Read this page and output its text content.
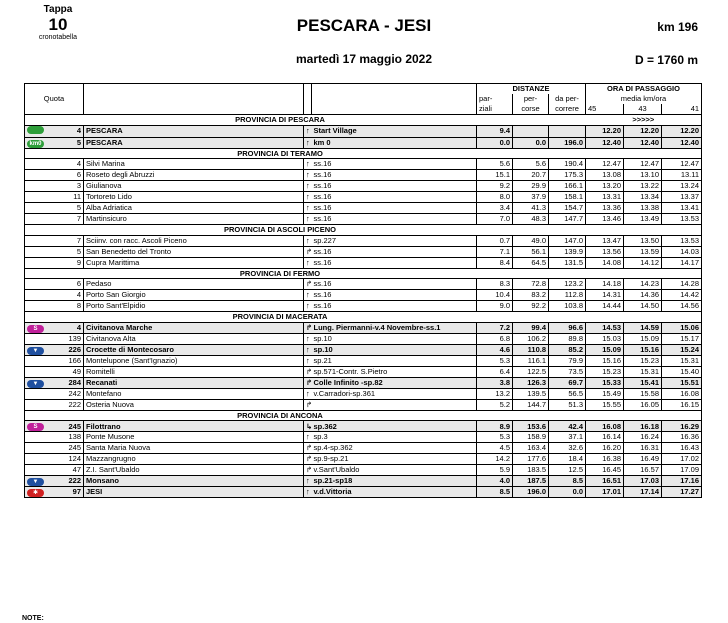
Tappa
10
cronotabella
PESCARA - JESI
martedì 17 maggio 2022
km 196
D = 1760 m
Quota					DISTANZE			ORA DI PASSAGGIO		
					par-	per-	da per-	media km/ora		
					ziali	corse	correre	45	43	41
		PROVINCIA DI PESCARA						>>>>>		
	4	PESCARA	↑	Start Village	9.4			12.20	12.20	12.20
km0	5	PESCARA	↑	km 0	0.0	0.0	196.0	12.40	12.40	12.40
		PROVINCIA DI TERAMO								
	4	Silvi Marina	↑	ss.16	5.6	5.6	190.4	12.47	12.47	12.47
	6	Roseto degli Abruzzi	↑	ss.16	15.1	20.7	175.3	13.08	13.10	13.11
	3	Giulianova	↑	ss.16	9.2	29.9	166.1	13.20	13.22	13.24
	11	Tortoreto Lido	↑	ss.16	8.0	37.9	158.1	13.31	13.34	13.37
	5	Alba Adriatica	↑	ss.16	3.4	41.3	154.7	13.36	13.38	13.41
	7	Martinsicuro	↑	ss.16	7.0	48.3	147.7	13.46	13.49	13.53
		PROVINCIA DI ASCOLI PICENO								
	7	Sciinv. con racc. Ascoli Piceno	↑	sp.227	0.7	49.0	147.0	13.47	13.50	13.53
	5	San Benedetto del Tronto	↱	ss.16	7.1	56.1	139.9	13.56	13.59	14.03
	9	Cupra Marittima	↑	ss.16	8.4	64.5	131.5	14.08	14.12	14.17
		PROVINCIA DI FERMO								
	6	Pedaso	↱	ss.16	8.3	72.8	123.2	14.18	14.23	14.28
	4	Porto San Giorgio	↑	ss.16	10.4	83.2	112.8	14.31	14.36	14.42
	8	Porto Sant'Elpidio	↑	ss.16	9.0	92.2	103.8	14.44	14.50	14.56
		PROVINCIA DI MACERATA								
S	4	Civitanova Marche	↱	Lung. Piermanni-v.4 Novembre-ss.1	7.2	99.4	96.6	14.53	14.59	15.06
	139	Civitanova Alta	↑	sp.10	6.8	106.2	89.8	15.03	15.09	15.17
▼	226	Crocette di Montecosaro	↑	sp.10	4.6	110.8	85.2	15.09	15.16	15.24
	166	Montelupone (Sant'Ignazio)	↑	sp.21	5.3	116.1	79.9	15.16	15.23	15.31
	49	Romitelli	↱	sp.571-Contr. S.Pietro	6.4	122.5	73.5	15.23	15.31	15.40
▼	284	Recanati	↱	Colle Infinito -sp.82	3.8	126.3	69.7	15.33	15.41	15.51
	242	Montefano	↑	v.Carradori-sp.361	13.2	139.5	56.5	15.49	15.58	16.08
	222	Osteria Nuova	↱		5.2	144.7	51.3	15.55	16.05	16.15
		PROVINCIA DI ANCONA								
S	245	Filottrano	↳	sp.362	8.9	153.6	42.4	16.08	16.18	16.29
	138	Ponte Musone	↑	sp.3	5.3	158.9	37.1	16.14	16.24	16.36
	245	Santa Maria Nuova	↱	sp.4-sp.362	4.5	163.4	32.6	16.20	16.31	16.43
	124	Mazzangrugno	↱	sp.9-sp.21	14.2	177.6	18.4	16.38	16.49	17.02
	47	Z.I. Sant'Ubaldo	↱	v.Sant'Ubaldo	5.9	183.5	12.5	16.45	16.57	17.09
▼	222	Monsano	↑	sp.21-sp18	4.0	187.5	8.5	16.51	17.03	17.16
✱	97	JESI	↑	v.d.Vittoria	8.5	196.0	0.0	17.01	17.14	17.27
NOTE:
